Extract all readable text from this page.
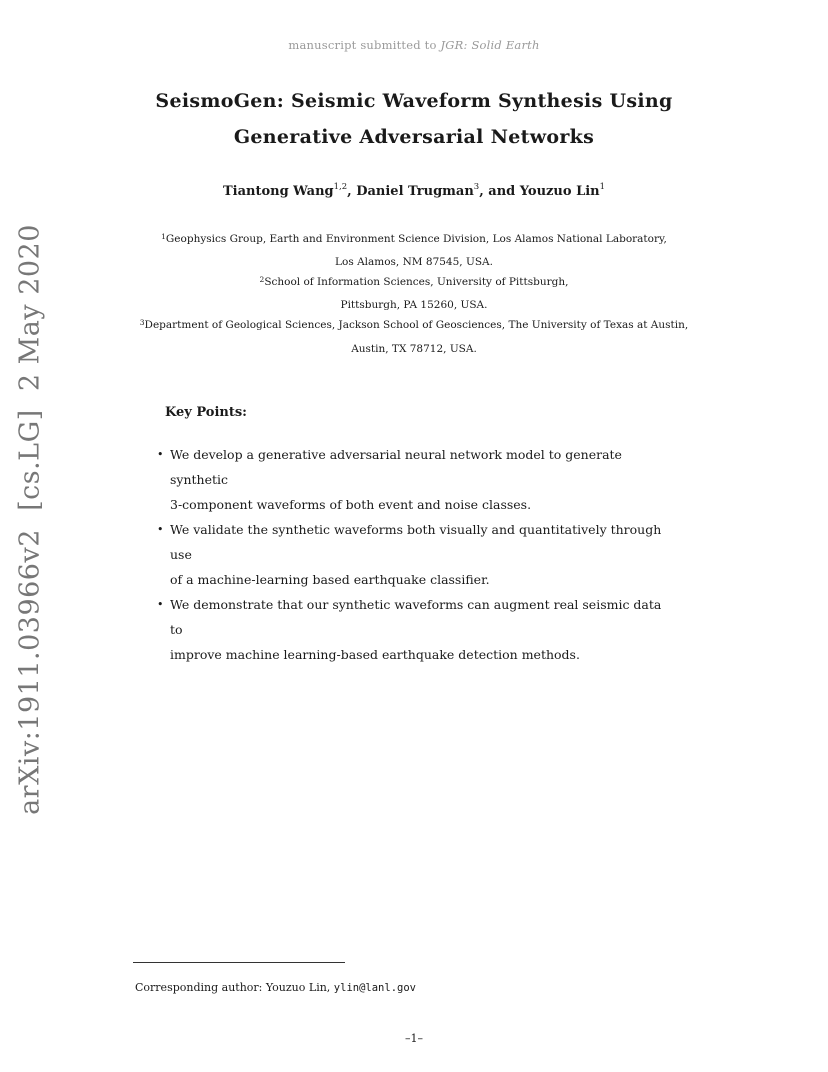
manuscript submitted to JGR: Solid Earth
SeismoGen: Seismic Waveform Synthesis Using
Generative Adversarial Networks
Tiantong Wang$^{1,2}$, Daniel Trugman$^3$, and Youzuo Lin$^1$
$^1$Geophysics Group, Earth and Environment Science Division, Los Alamos National Laboratory,
Los Alamos, NM 87545, USA.
$^2$School of Information Sciences, University of Pittsburgh,
Pittsburgh, PA 15260, USA.
$^3$Department of Geological Sciences, Jackson School of Geosciences, The University of Texas at Austin,
Austin, TX 78712, USA.
Key Points:
• We develop a generative adversarial neural network model to generate synthetic
3-component waveforms of both event and noise classes.
• We validate the synthetic waveforms both visually and quantitatively through use
of a machine-learning based earthquake classifier.
• We demonstrate that our synthetic waveforms can augment real seismic data to
improve machine learning-based earthquake detection methods.
arXiv:1911.03966v2  [cs.LG]  2 May 2020
Corresponding author: Youzuo Lin, ylin@lanl.gov
–1–
